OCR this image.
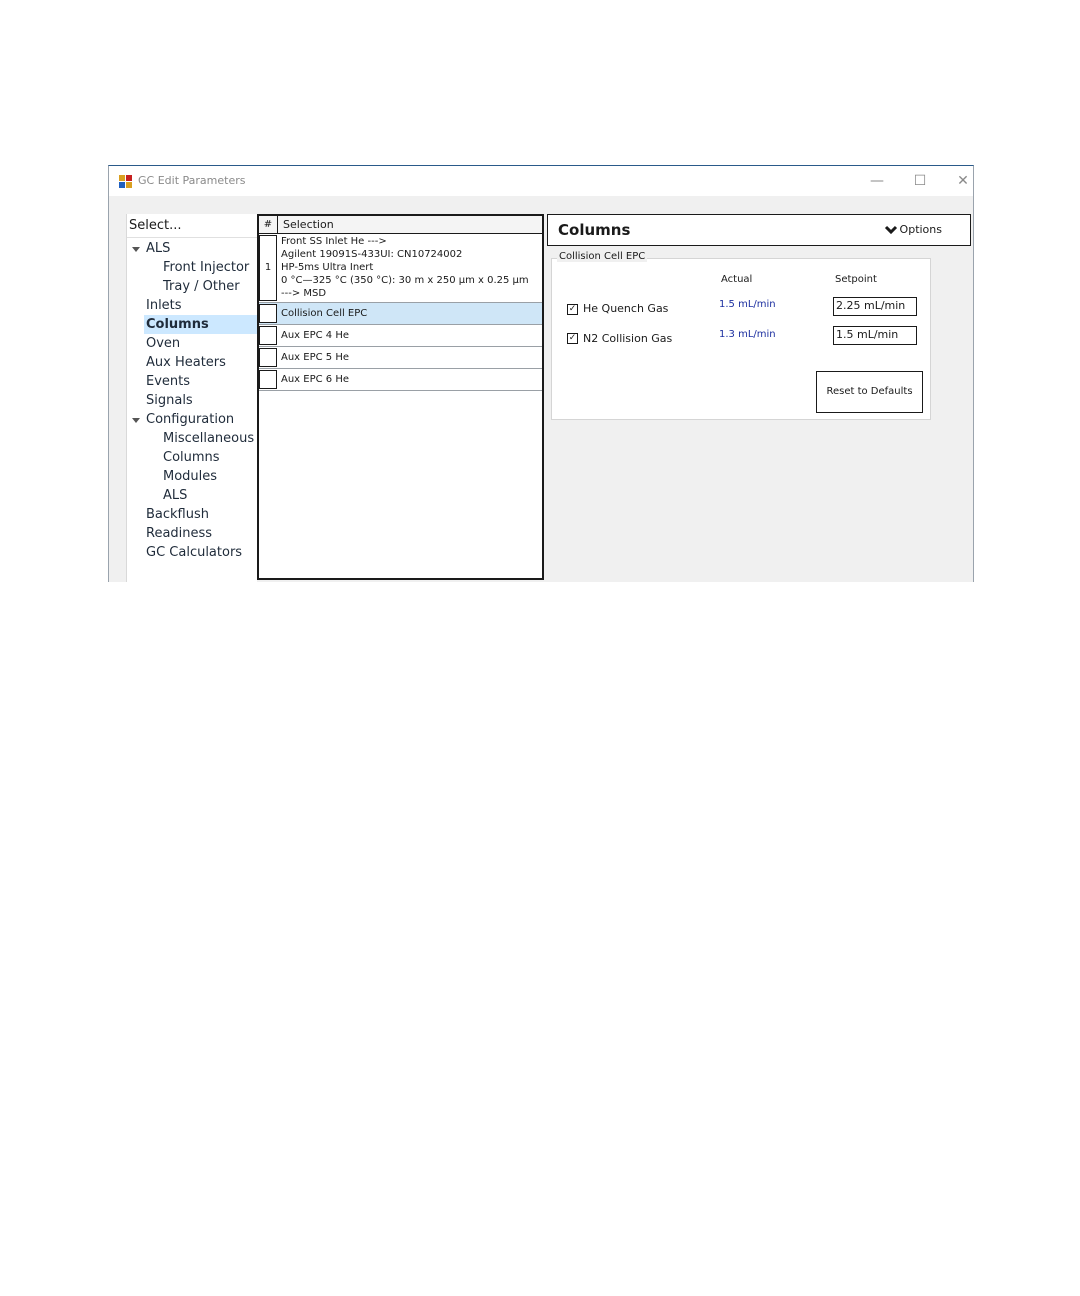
GC Edit Parameters	—	☐	✕
Select...
ALS
Front Injector
Tray / Other
Inlets
Columns
Oven
Aux Heaters
Events
Signals
Configuration
Miscellaneous
Columns
Modules
ALS
Backflush
Readiness
GC Calculators
# Selection
1
Front SS Inlet He --->
Agilent 19091S-433UI: CN10724002
HP-5ms Ultra Inert
0 °C—325 °C (350 °C): 30 m x 250 µm x 0.25 µm
---> MSD
Collision Cell EPC
Aux EPC 4 He
Aux EPC 5 He
Aux EPC 6 He
Columns	Options
Collision Cell EPC
Actual	Setpoint
✓ He Quench Gas	1.5 mL/min	2.25 mL/min
✓ N2 Collision Gas	1.3 mL/min	1.5 mL/min
Reset to Defaults
